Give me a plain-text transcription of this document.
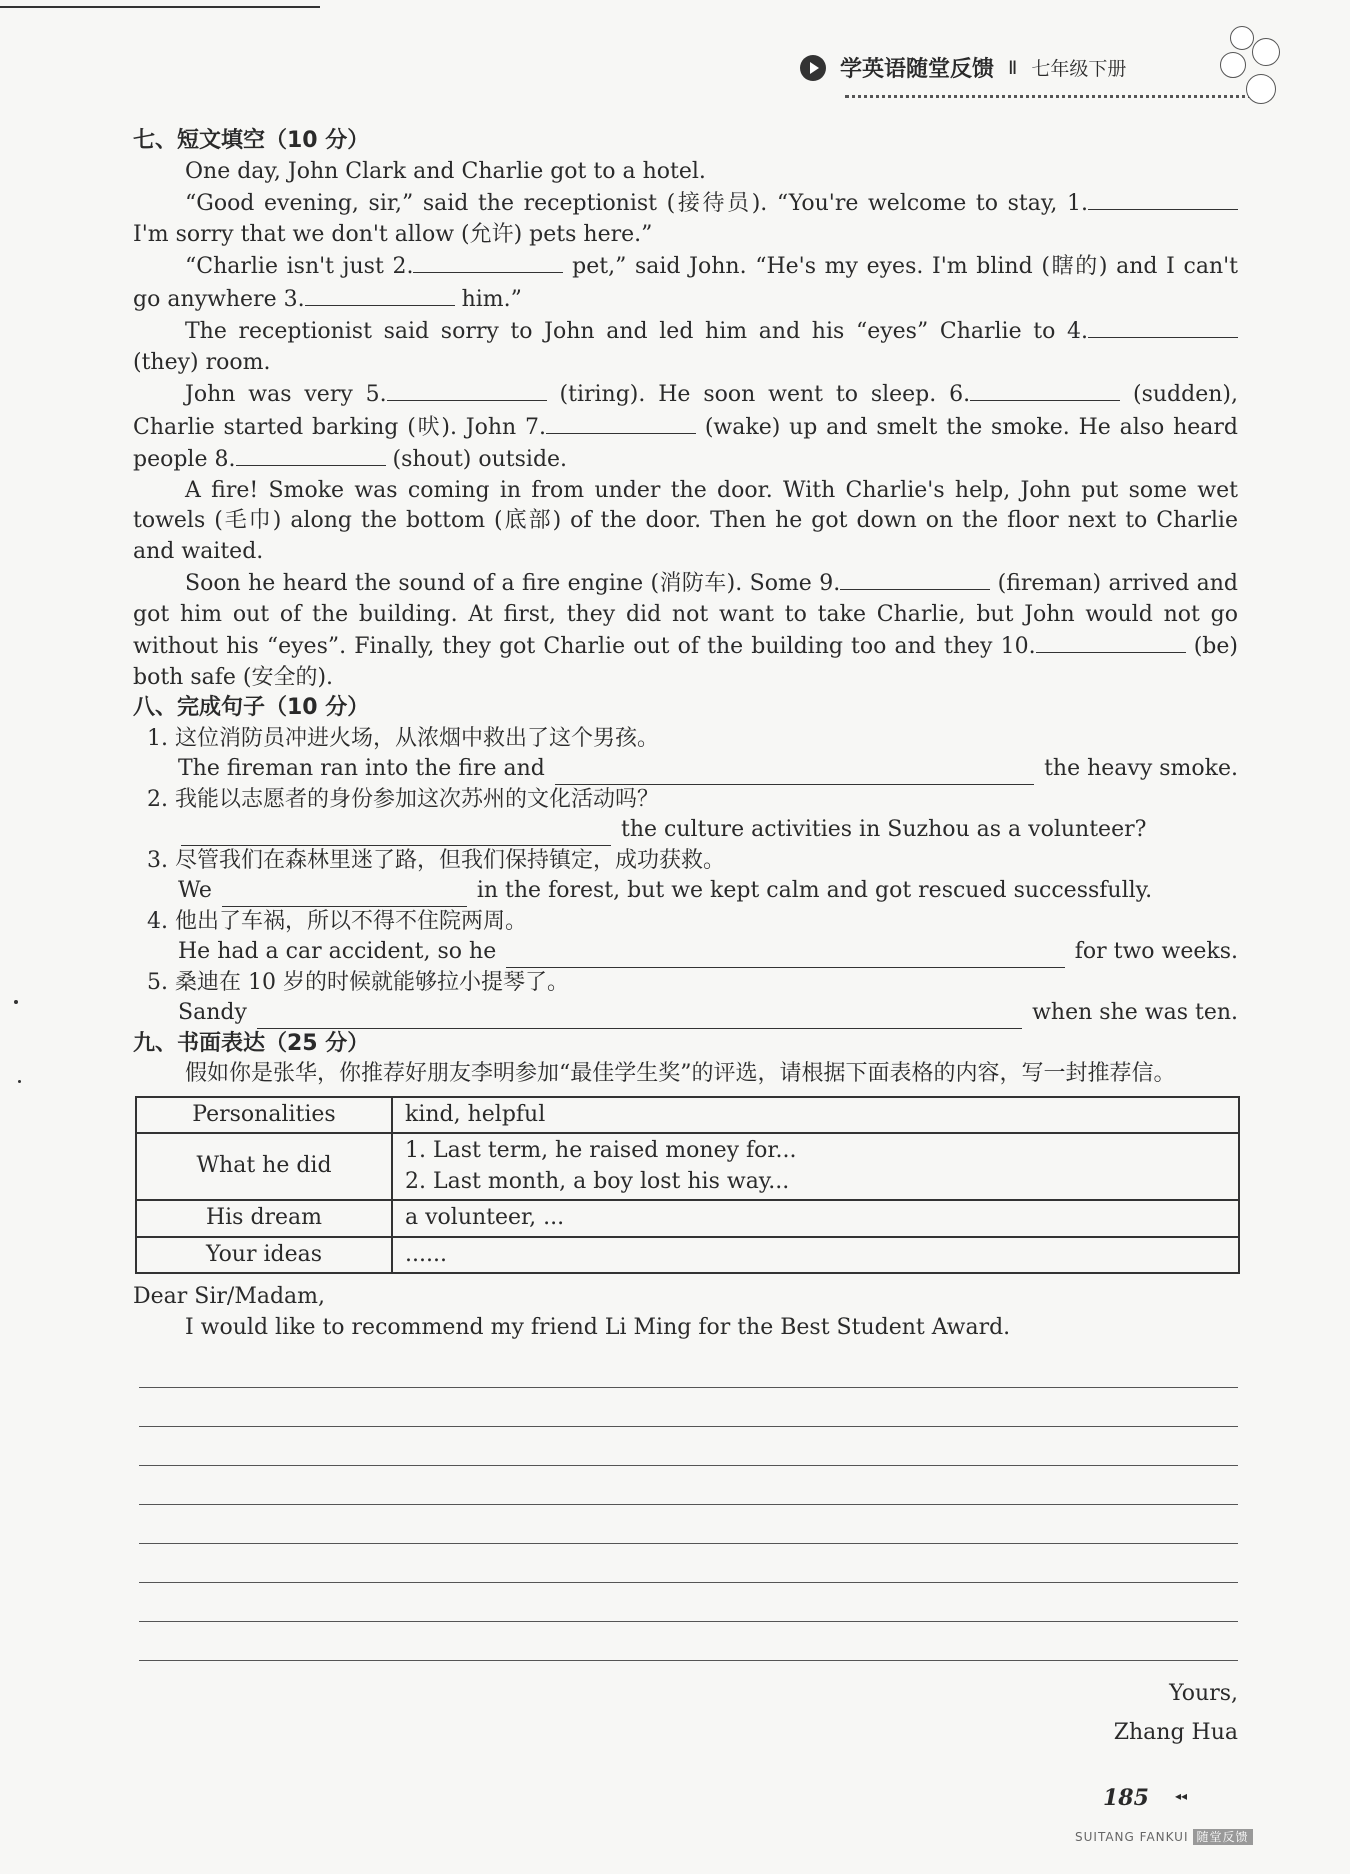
学英语随堂反馈 Ⅱ 七年级下册

七、短文填空（10 分）

One day, John Clark and Charlie got to a hotel.

“Good evening, sir,” said the receptionist (接待员). “You're welcome to stay, 1. I'm sorry that we don't allow (允许) pets here.”

“Charlie isn't just 2.	pet,” said John. “He's my eyes. I'm blind (瞎的) and I can't go anywhere 3.	him.”

The receptionist said sorry to John and led him and his “eyes” Charlie to 4. (they) room.

John was very 5.	(tiring). He soon went to sleep. 6.	(sudden), Charlie started barking (吠). John 7.	(wake) up and smelt the smoke. He also heard people 8.	(shout) outside.

A fire! Smoke was coming in from under the door. With Charlie's help, John put some wet towels (毛巾) along the bottom (底部) of the door. Then he got down on the floor next to Charlie and waited.

Soon he heard the sound of a fire engine (消防车). Some 9.	(fireman) arrived and got him out of the building. At first, they did not want to take Charlie, but John would not go without his “eyes”. Finally, they got Charlie out of the building too and they 10.	(be) both safe (安全的).

八、完成句子（10 分）

1. 这位消防员冲进火场，从浓烟中救出了这个男孩。

The fireman ran into the fire and	the heavy smoke.

2. 我能以志愿者的身份参加这次苏州的文化活动吗？

the culture activities in Suzhou as a volunteer?

3. 尽管我们在森林里迷了路，但我们保持镇定，成功获救。

We	in the forest, but we kept calm and got rescued successfully.

4. 他出了车祸，所以不得不住院两周。

He had a car accident, so he	for two weeks.

5. 桑迪在 10 岁的时候就能够拉小提琴了。

Sandy	when she was ten.

九、书面表达（25 分）

假如你是张华，你推荐好朋友李明参加“最佳学生奖”的评选，请根据下面表格的内容，写一封推荐信。

Personalities	kind, helpful
What he did	1. Last term, he raised money for...
2. Last month, a boy lost his way...

His dream	a volunteer, ...
Your ideas	......

Dear Sir/Madam,

I would like to recommend my friend Li Ming for the Best Student Award.

Yours,

Zhang Hua

185 ◂◂
SUITANG FANKUI 随堂反馈
